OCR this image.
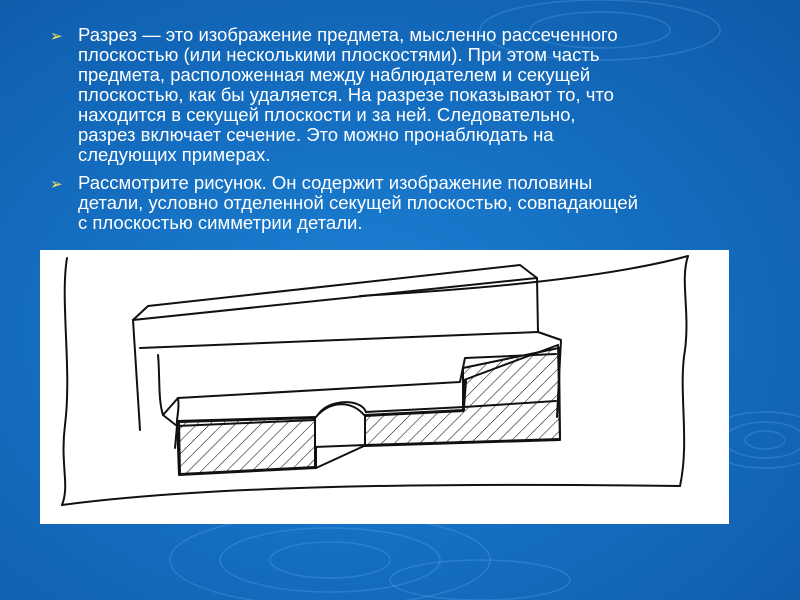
➢ Разрез — это изображение предмета, мысленно рассеченного
плоскостью (или несколькими плоскостями). При этом часть
предмета, расположенная между наблюдателем и секущей
плоскостью, как бы удаляется. На разрезе показывают то, что
находится в секущей плоскости и за ней. Следовательно,
разрез включает сечение. Это можно пронаблюдать на
следующих примерах.
➢ Рассмотрите рисунок. Он содержит изображение половины
детали, условно отделенной секущей плоскостью, совпадающей
с плоскостью симметрии детали.
